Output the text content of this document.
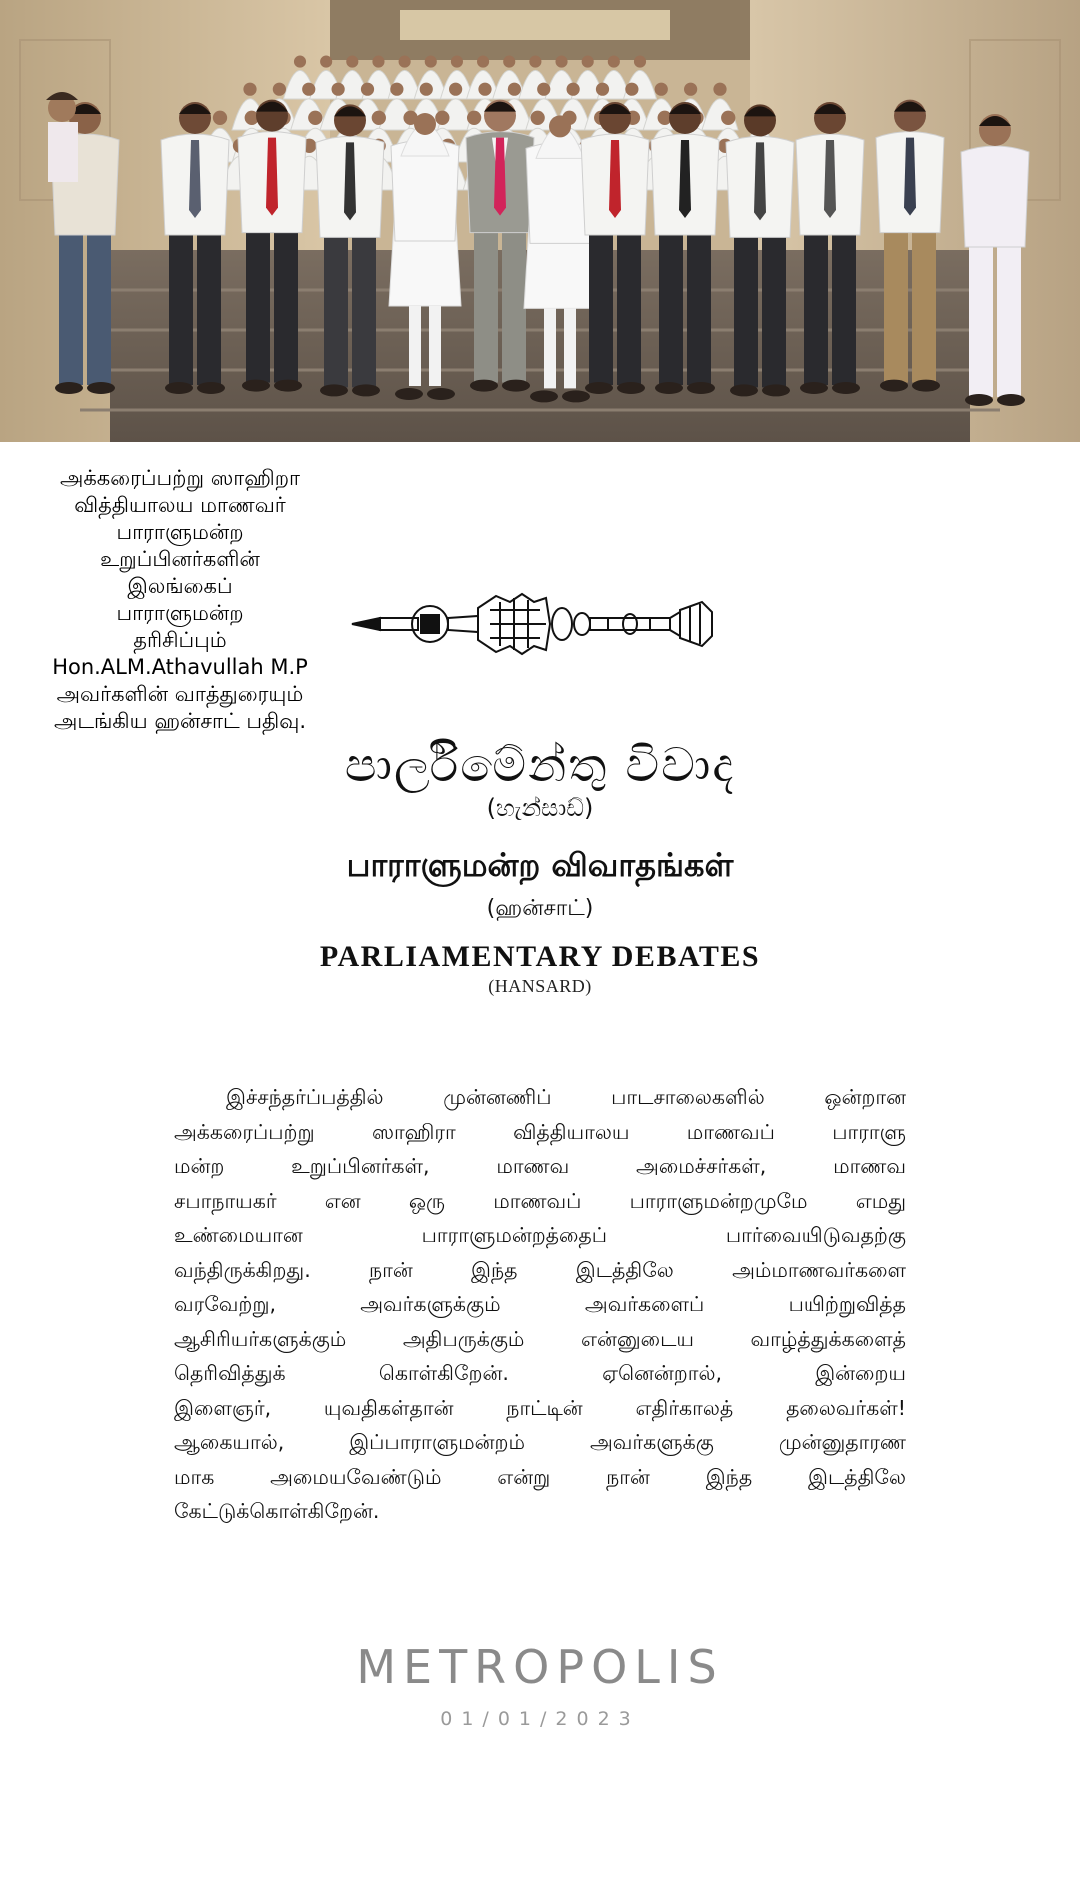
அக்கரைப்பற்று ஸாஹிறா
வித்தியாலய மாணவர்
பாராளுமன்ற
உறுப்பினர்களின்
இலங்கைப்
பாராளுமன்ற
தரிசிப்பும்
Hon.ALM.Athavullah M.P
அவர்களின் வாத்துரையும்
அடங்கிய ஹன்சாட் பதிவு.
පාර්ලිමේන්තු විවාද
(හැන්සාඩ්)
பாராளுமன்ற விவாதங்கள்
(ஹன்சாட்)
PARLIAMENTARY DEBATES
(HANSARD)
இச்சந்தர்ப்பத்தில் முன்னணிப் பாடசாலைகளில் ஒன்றான
அக்கரைப்பற்று ஸாஹிரா வித்தியாலய மாணவப் பாராளு
மன்ற உறுப்பினர்கள், மாணவ அமைச்சர்கள், மாணவ
சபாநாயகர் என ஒரு மாணவப் பாராளுமன்றமுமே எமது
உண்மையான பாராளுமன்றத்தைப் பார்வையிடுவதற்கு
வந்திருக்கிறது. நான் இந்த இடத்திலே அம்மாணவர்களை
வரவேற்று, அவர்களுக்கும் அவர்களைப் பயிற்றுவித்த
ஆசிரியர்களுக்கும் அதிபருக்கும் என்னுடைய வாழ்த்துக்களைத்
தெரிவித்துக் கொள்கிறேன். ஏனென்றால், இன்றைய
இளைஞர், யுவதிகள்தான் நாட்டின் எதிர்காலத் தலைவர்கள்!
ஆகையால், இப்பாராளுமன்றம் அவர்களுக்கு முன்னுதாரண
மாக அமையவேண்டும் என்று நான் இந்த இடத்திலே
கேட்டுக்கொள்கிறேன்.
METROPOLIS
01/01/2023
